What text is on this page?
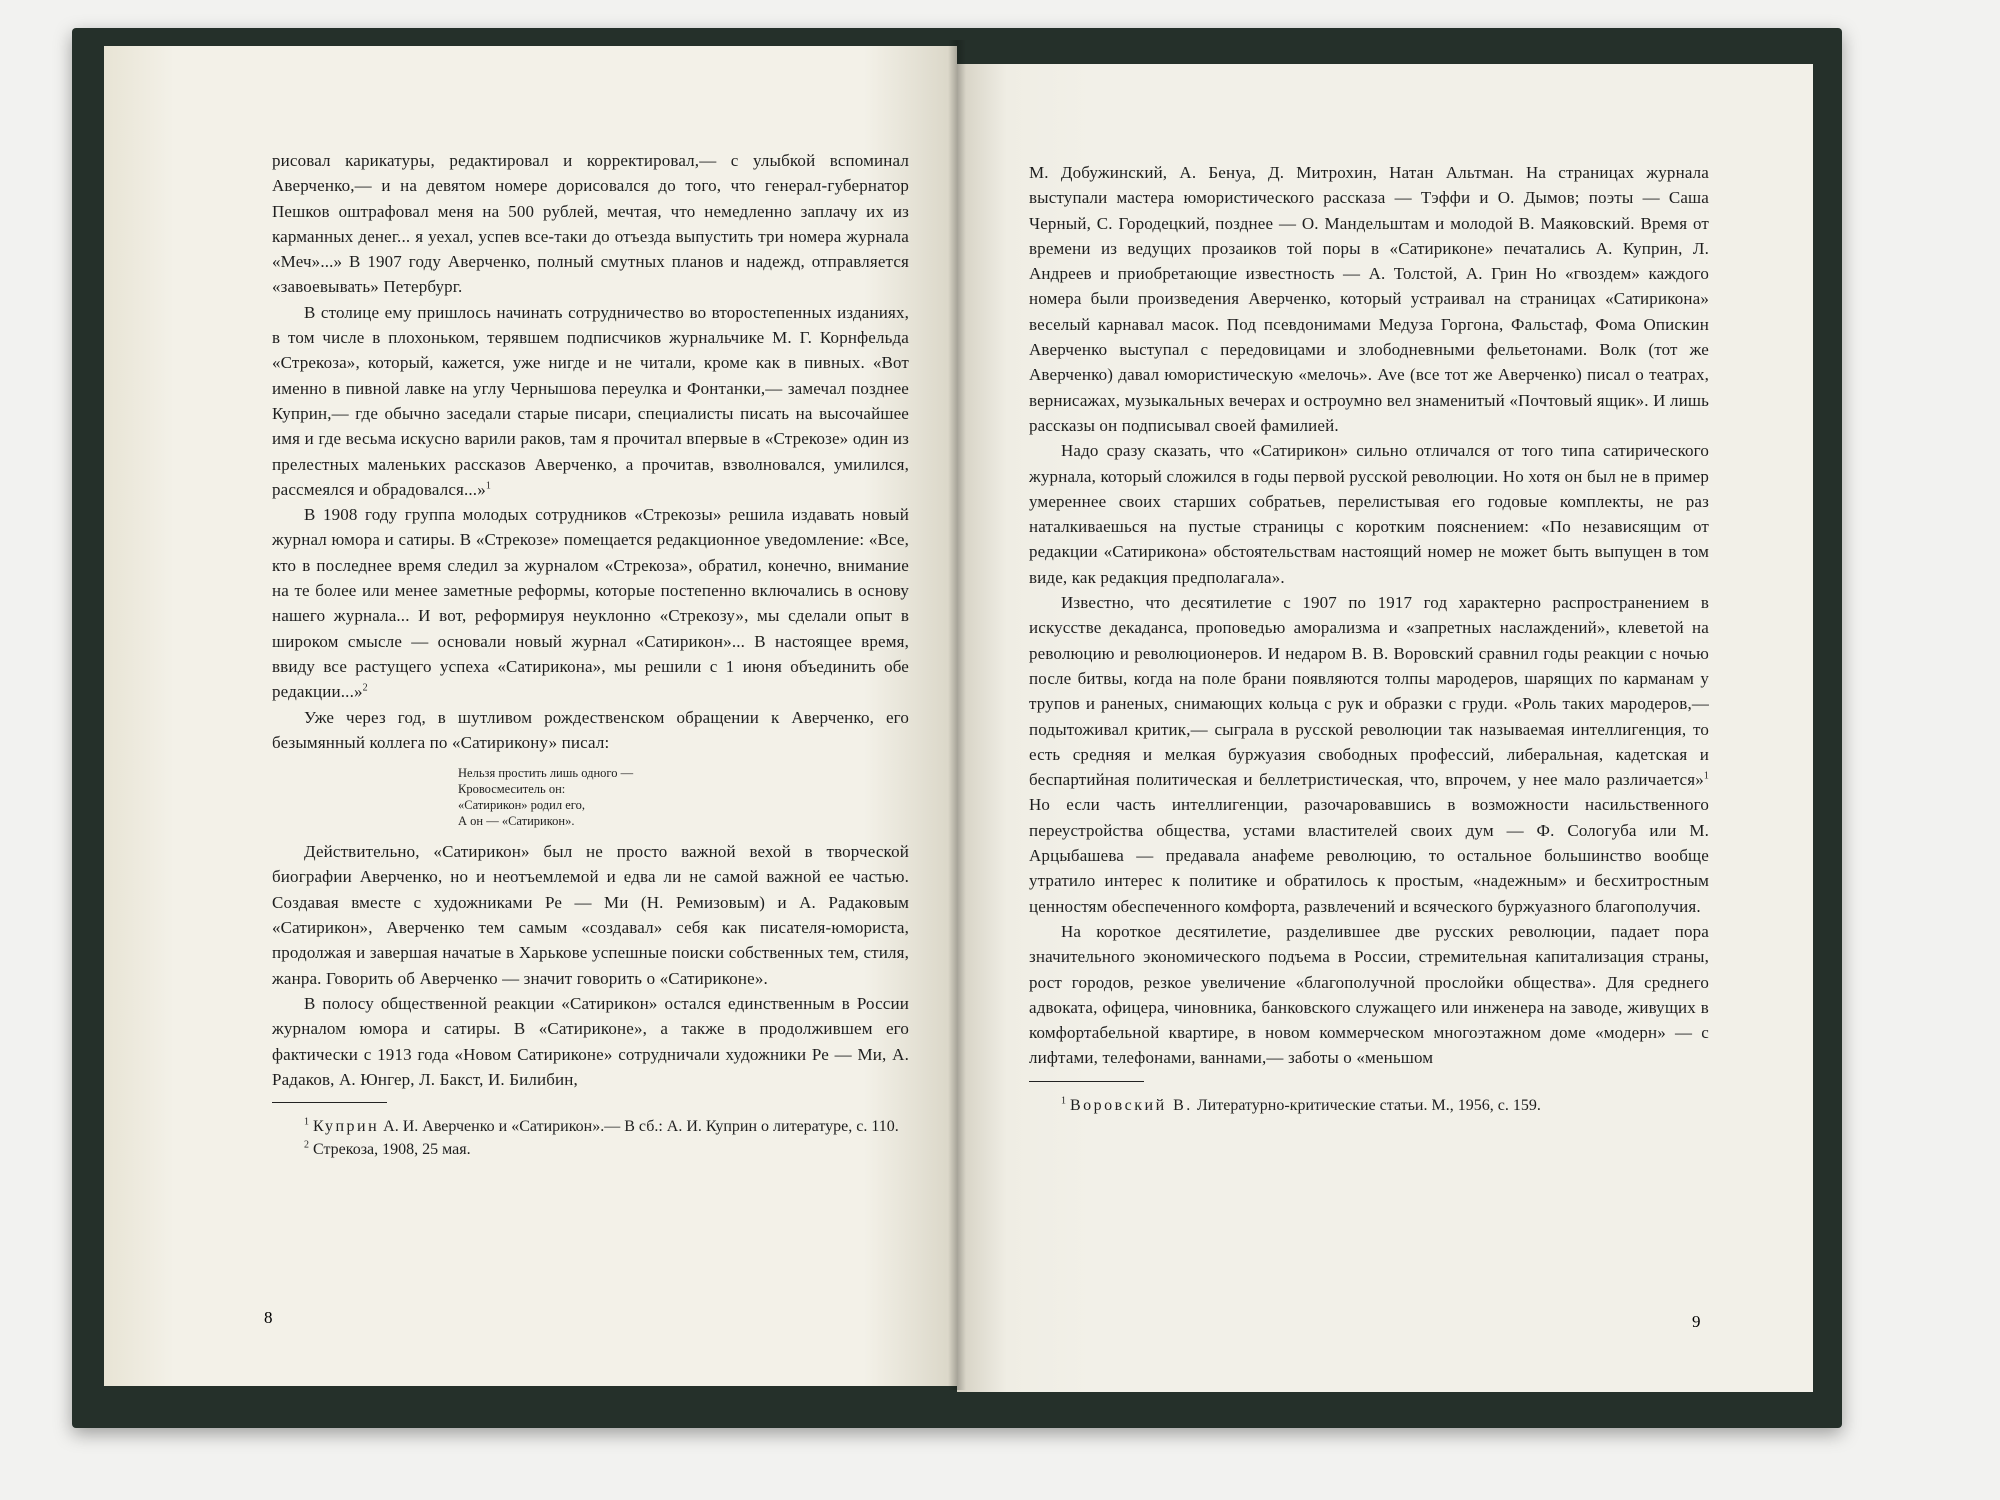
рисовал карикатуры, редактировал и корректировал,— с улыбкой вспоминал Аверченко,— и на девятом номере дорисовался до того, что генерал-губернатор Пешков оштрафовал меня на 500 рублей, мечтая, что немедленно заплачу их из карманных денег... я уехал, успев все-таки до отъезда выпустить три номера журнала «Меч»...» В 1907 году Аверченко, полный смутных планов и надежд, отправляется «завоевывать» Петербург.

В столице ему пришлось начинать сотрудничество во второстепенных изданиях, в том числе в плохоньком, терявшем подписчиков журнальчике М. Г. Корнфельда «Стрекоза», который, кажется, уже нигде и не читали, кроме как в пивных. «Вот именно в пивной лавке на углу Чернышова переулка и Фонтанки,— замечал позднее Куприн,— где обычно заседали старые писари, специалисты писать на высочайшее имя и где весьма искусно варили раков, там я прочитал впервые в «Стрекозе» один из прелестных маленьких рассказов Аверченко, а прочитав, взволновался, умилился, рассмеялся и обрадовался...»$^1$

В 1908 году группа молодых сотрудников «Стрекозы» решила издавать новый журнал юмора и сатиры. В «Стрекозе» помещается редакционное уведомление: «Все, кто в последнее время следил за журналом «Стрекоза», обратил, конечно, внимание на те более или менее заметные реформы, которые постепенно включались в основу нашего журнала... И вот, реформируя неуклонно «Стрекозу», мы сделали опыт в широком смысле — основали новый журнал «Сатирикон»... В настоящее время, ввиду все растущего успеха «Сатирикона», мы решили с 1 июня объединить обе редакции...»$^2$

Уже через год, в шутливом рождественском обращении к Аверченко, его безымянный коллега по «Сатирикону» писал:

Нельзя простить лишь одного —
Кровосмеситель он:
«Сатирикон» родил его,
А он — «Сатирикон».

Действительно, «Сатирикон» был не просто важной вехой в творческой биографии Аверченко, но и неотъемлемой и едва ли не самой важной ее частью. Создавая вместе с художниками Ре — Ми (Н. Ремизовым) и А. Радаковым «Сатирикон», Аверченко тем самым «создавал» себя как писателя-юмориста, продолжая и завершая начатые в Харькове успешные поиски собственных тем, стиля, жанра. Говорить об Аверченко — значит говорить о «Сатириконе».

В полосу общественной реакции «Сатирикон» остался единственным в России журналом юмора и сатиры. В «Сатириконе», а также в продолжившем его фактически с 1913 года «Новом Сатириконе» сотрудничали художники Ре — Ми, А. Радаков, А. Юнгер, Л. Бакст, И. Билибин,

$^1$ Куприн А. И. Аверченко и «Сатирикон».— В сб.: А. И. Куприн о литературе, с. 110.

$^2$ Стрекоза, 1908, 25 мая.

М. Добужинский, А. Бенуа, Д. Митрохин, Натан Альтман. На страницах журнала выступали мастера юмористического рассказа — Тэффи и О. Дымов; поэты — Саша Черный, С. Городецкий, позднее — О. Мандельштам и молодой В. Маяковский. Время от времени из ведущих прозаиков той поры в «Сатириконе» печатались А. Куприн, Л. Андреев и приобретающие известность — А. Толстой, А. Грин Но «гвоздем» каждого номера были произведения Аверченко, который устраивал на страницах «Сатирикона» веселый карнавал масок. Под псевдонимами Медуза Горгона, Фальстаф, Фома Опискин Аверченко выступал с передовицами и злободневными фельетонами. Волк (тот же Аверченко) давал юмористическую «мелочь». Ave (все тот же Аверченко) писал о театрах, вернисажах, музыкальных вечерах и остроумно вел знаменитый «Почтовый ящик». И лишь рассказы он подписывал своей фамилией.

Надо сразу сказать, что «Сатирикон» сильно отличался от того типа сатирического журнала, который сложился в годы первой русской революции. Но хотя он был не в пример умереннее своих старших собратьев, перелистывая его годовые комплекты, не раз наталкиваешься на пустые страницы с коротким пояснением: «По независящим от редакции «Сатирикона» обстоятельствам настоящий номер не может быть выпущен в том виде, как редакция предполагала».

Известно, что десятилетие с 1907 по 1917 год характерно распространением в искусстве декаданса, проповедью аморализма и «запретных наслаждений», клеветой на революцию и революционеров. И недаром В. В. Воровский сравнил годы реакции с ночью после битвы, когда на поле брани появляются толпы мародеров, шарящих по карманам у трупов и раненых, снимающих кольца с рук и образки с груди. «Роль таких мародеров,— подытоживал критик,— сыграла в русской революции так называемая интеллигенция, то есть средняя и мелкая буржуазия свободных профессий, либеральная, кадетская и беспартийная политическая и беллетристическая, что, впрочем, у нее мало различается»$^1$ Но если часть интеллигенции, разочаровавшись в возможности насильственного переустройства общества, устами властителей своих дум — Ф. Сологуба или М. Арцыбашева — предавала анафеме революцию, то остальное большинство вообще утратило интерес к политике и обратилось к простым, «надежным» и бесхитростным ценностям обеспеченного комфорта, развлечений и всяческого буржуазного благополучия.

На короткое десятилетие, разделившее две русских революции, падает пора значительного экономического подъема в России, стремительная капитализация страны, рост городов, резкое увеличение «благополучной прослойки общества». Для среднего адвоката, офицера, чиновника, банковского служащего или инженера на заводе, живущих в комфортабельной квартире, в новом коммерческом многоэтажном доме «модерн» — с лифтами, телефонами, ваннами,— заботы о «меньшом

$^1$ Воровский В. Литературно-критические статьи. М., 1956, с. 159.

8	9
